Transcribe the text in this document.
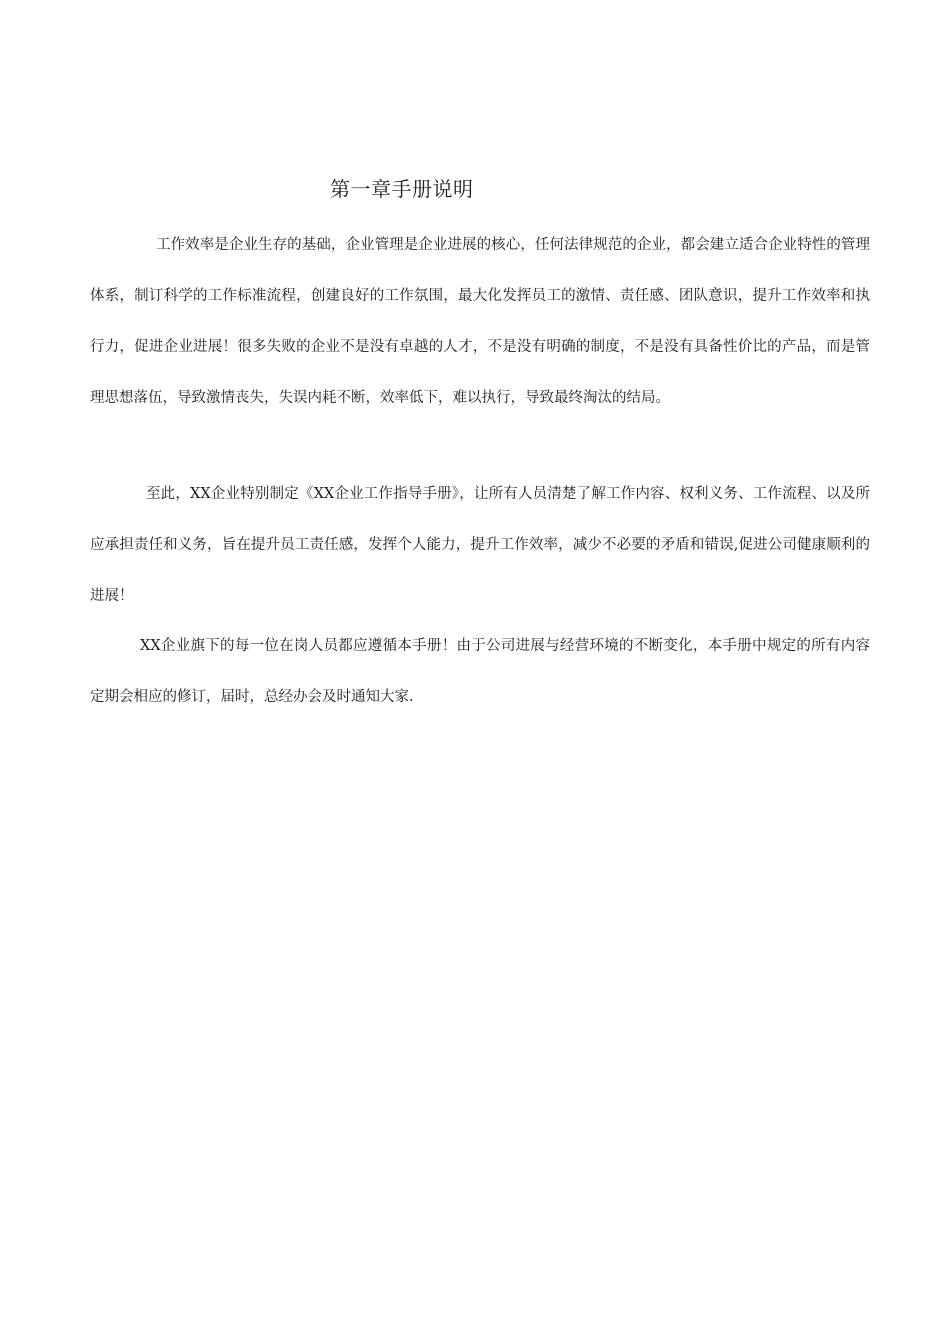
第一章手册说明

工作效率是企业生存的基础，企业管理是企业进展的核心，任何法律规范的企业，都会建立适合企业特性的管理体系，制订科学的工作标准流程，创建良好的工作氛围，最大化发挥员工的激情、责任感、团队意识，提升工作效率和执行力，促进企业进展！很多失败的企业不是没有卓越的人才，不是没有明确的制度，不是没有具备性价比的产品，而是管理思想落伍，导致激情丧失，失误内耗不断，效率低下，难以执行，导致最终淘汰的结局。

至此，XX企业特别制定《XX企业工作指导手册》，让所有人员清楚了解工作内容、权利义务、工作流程、以及所应承担责任和义务，旨在提升员工责任感，发挥个人能力，提升工作效率，减少不必要的矛盾和错误,促进公司健康顺利的进展！

XX企业旗下的每一位在岗人员都应遵循本手册！由于公司进展与经营环境的不断变化，本手册中规定的所有内容定期会相应的修订，届时，总经办会及时通知大家.
